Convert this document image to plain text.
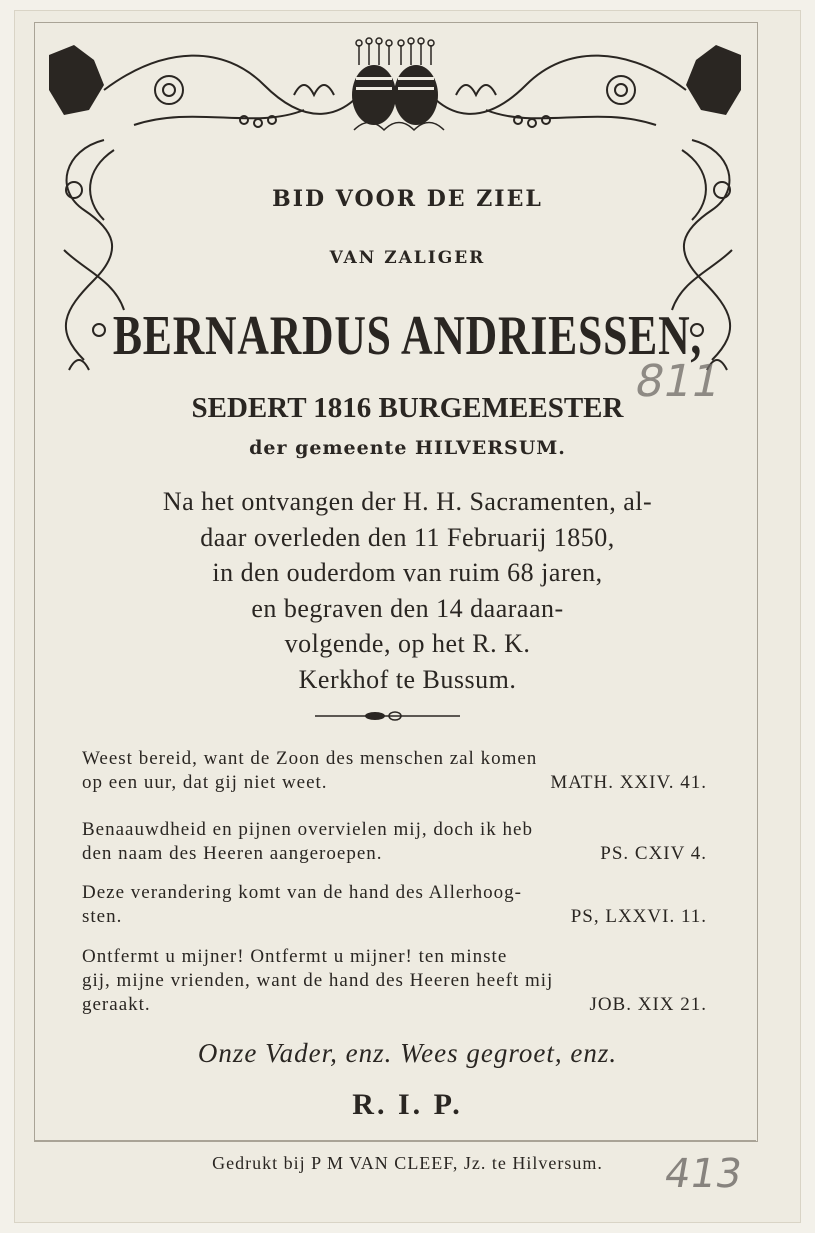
BID VOOR DE ZIEL
VAN ZALIGER
BERNARDUS ANDRIESSEN,
SEDERT 1816 BURGEMEESTER
der gemeente HILVERSUM.
Na het ontvangen der H. H. Sacramenten, al-
daar overleden den 11 Februarij 1850,
in den ouderdom van ruim 68 jaren,
en begraven den 14 daaraan-
volgende, op het R. K.
Kerkhof te Bussum.
Weest bereid, want de Zoon des menschen zal komen
op een uur, dat gij niet weet.	MATH. XXIV. 41.
Benaauwdheid en pijnen overvielen mij, doch ik heb
den naam des Heeren aangeroepen.	PS. CXIV 4.
Deze verandering komt van de hand des Allerhoog-
sten.	PS, LXXVI. 11.
Ontfermt u mijner! Ontfermt u mijner! ten minste
gij, mijne vrienden, want de hand des Heeren heeft mij
geraakt.	JOB. XIX 21.
Onze Vader, enz. Wees gegroet, enz.
R. I. P.
Gedrukt bij P M VAN CLEEF, Jz. te Hilversum.
811
413
